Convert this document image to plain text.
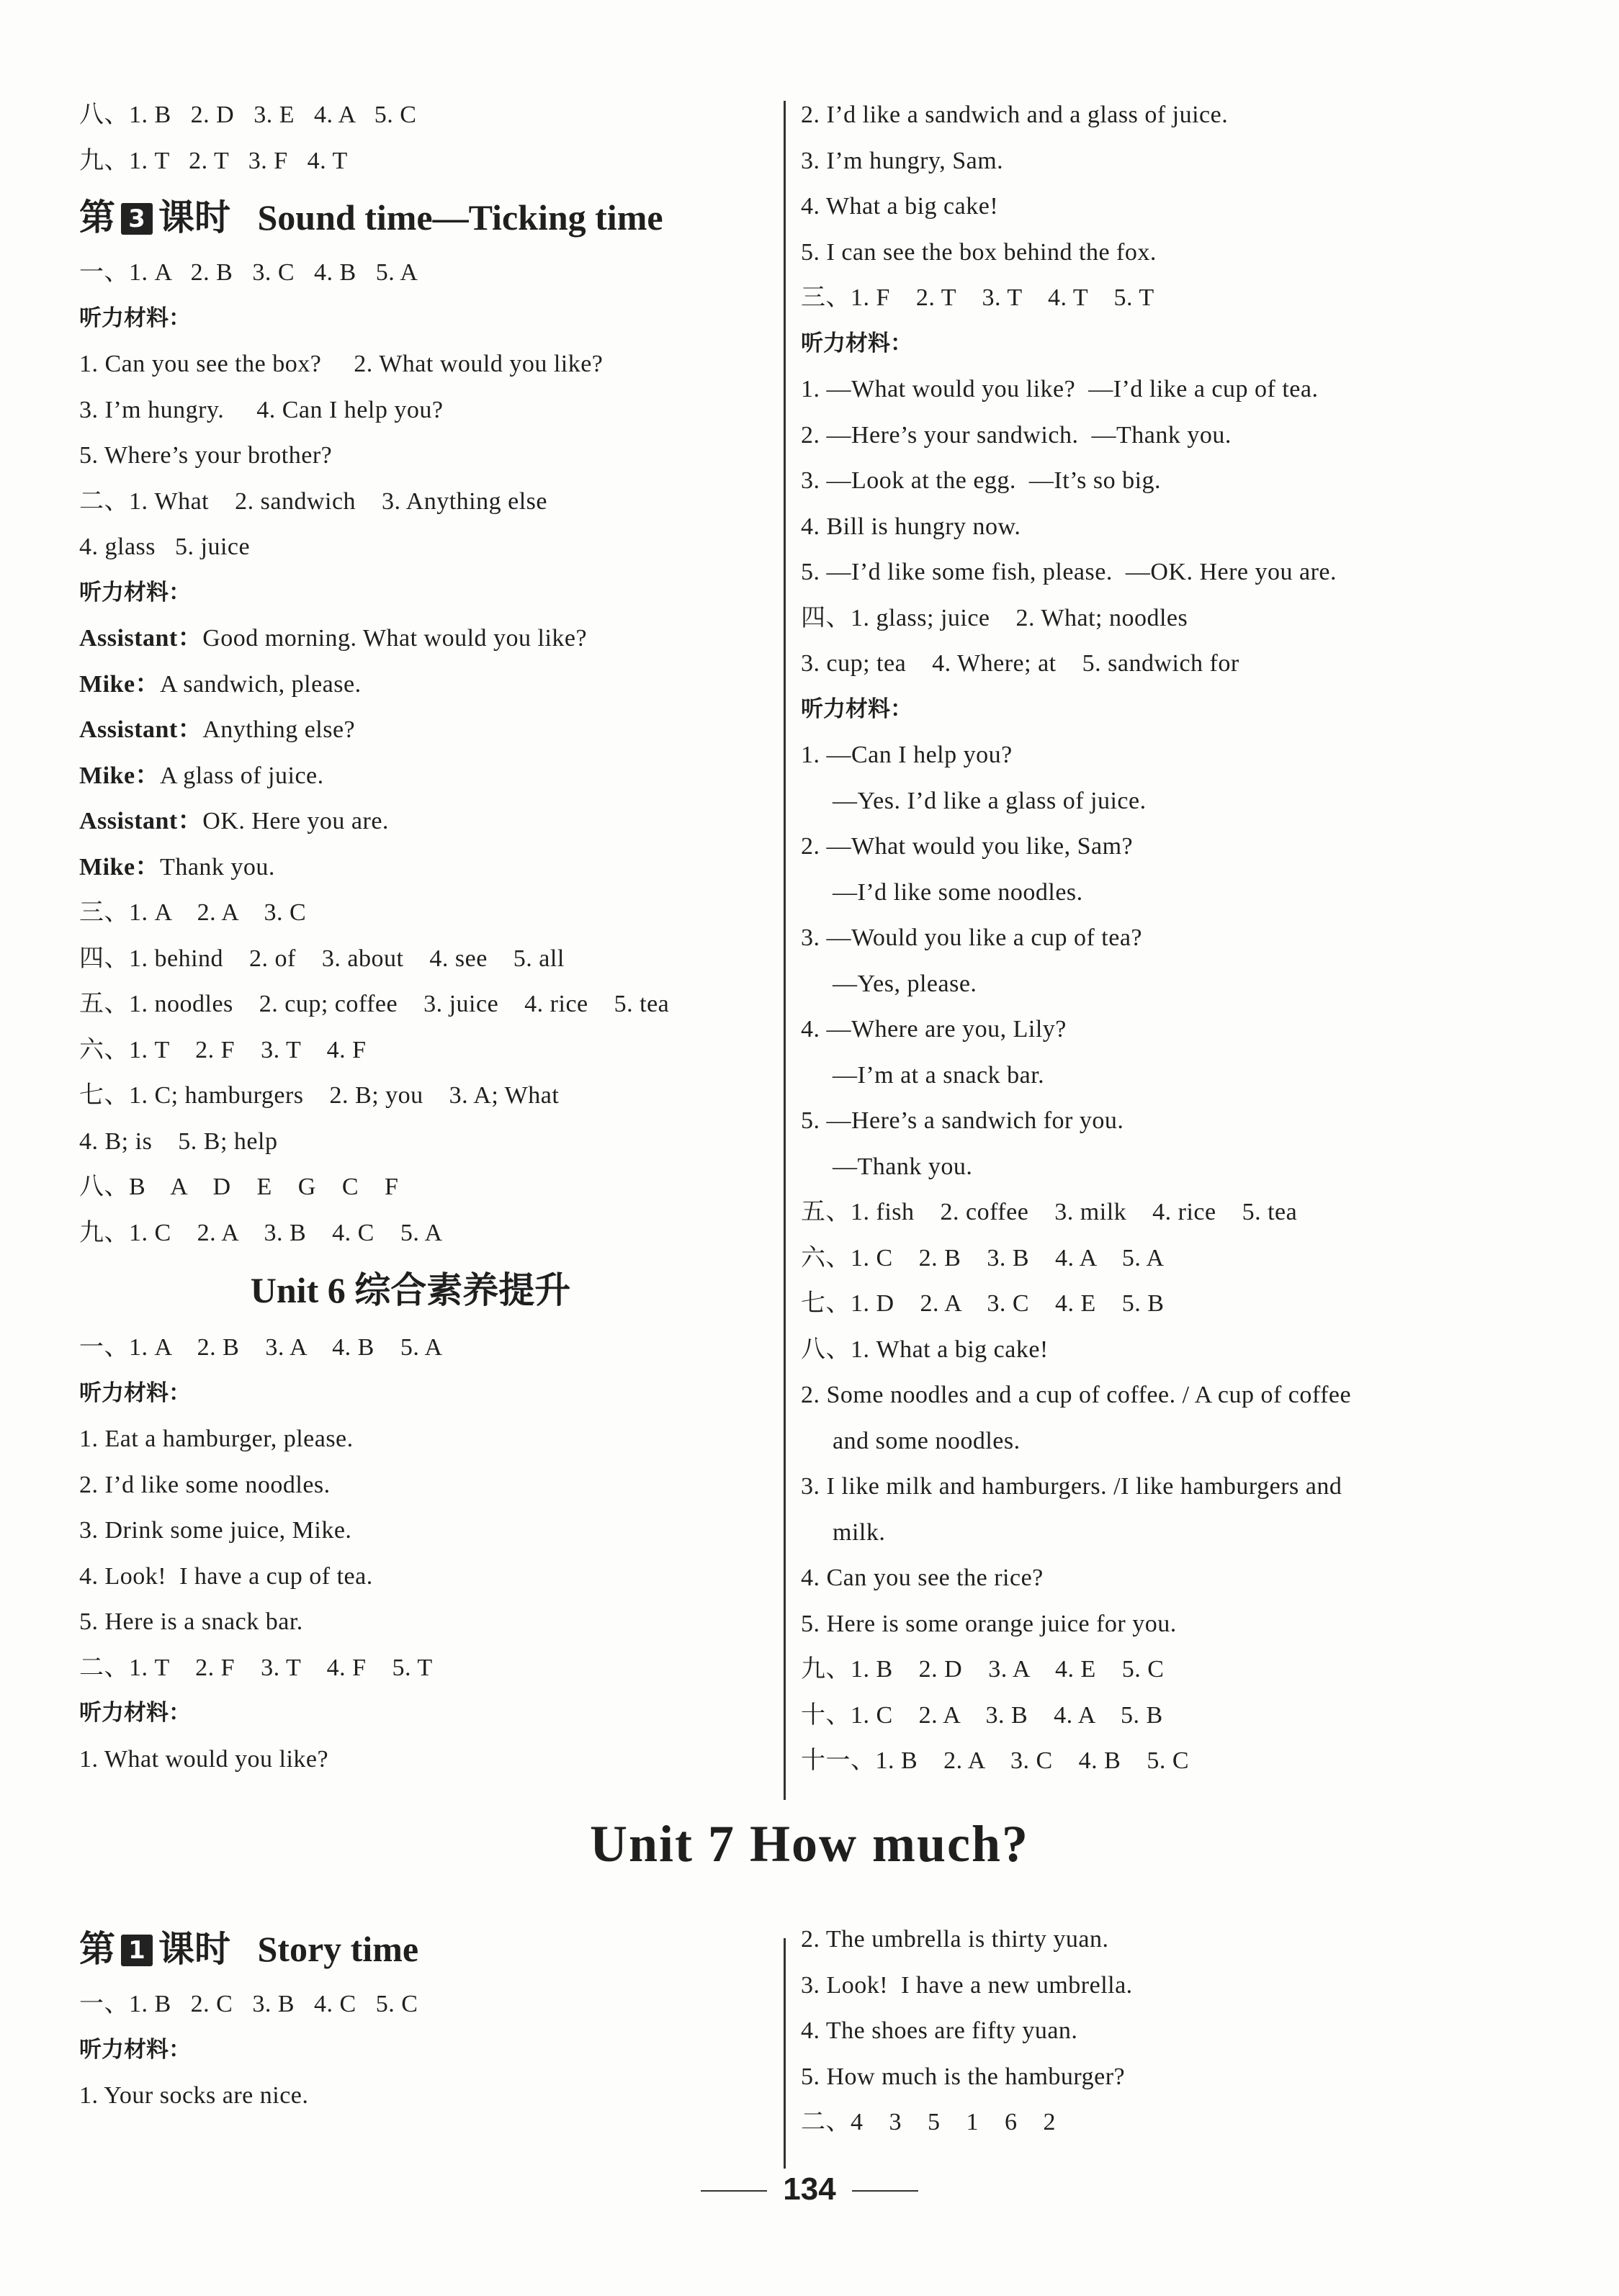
八、1. B   2. D   3. E   4. A   5. C
九、1. T   2. T   3. F   4. T
第 3 课时   Sound time—Ticking time
一、1. A   2. B   3. C   4. B   5. A
听力材料：
1. Can you see the box?     2. What would you like?
3. I’m hungry.     4. Can I help you?
5. Where’s your brother?
二、1. What    2. sandwich    3. Anything else
4. glass   5. juice
听力材料：
Assistant：Good morning. What would you like?
Mike：A sandwich, please.
Assistant：Anything else?
Mike：A glass of juice.
Assistant：OK. Here you are.
Mike：Thank you.
三、1. A    2. A    3. C
四、1. behind    2. of    3. about    4. see    5. all
五、1. noodles    2. cup; coffee    3. juice    4. rice    5. tea
六、1. T    2. F    3. T    4. F
七、1. C; hamburgers    2. B; you    3. A; What
4. B; is    5. B; help
八、B    A    D    E    G    C    F
九、1. C    2. A    3. B    4. C    5. A
Unit 6 综合素养提升
一、1. A    2. B    3. A    4. B    5. A
听力材料：
1. Eat a hamburger, please.
2. I’d like some noodles.
3. Drink some juice, Mike.
4. Look!  I have a cup of tea.
5. Here is a snack bar.
二、1. T    2. F    3. T    4. F    5. T
听力材料：
1. What would you like?
2. I’d like a sandwich and a glass of juice.
3. I’m hungry, Sam.
4. What a big cake!
5. I can see the box behind the fox.
三、1. F    2. T    3. T    4. T    5. T
听力材料：
1. —What would you like?  —I’d like a cup of tea.
2. —Here’s your sandwich.  —Thank you.
3. —Look at the egg.  —It’s so big.
4. Bill is hungry now.
5. —I’d like some fish, please.  —OK. Here you are.
四、1. glass; juice    2. What; noodles
3. cup; tea    4. Where; at    5. sandwich for
听力材料：
1. —Can I help you?
—Yes. I’d like a glass of juice.
2. —What would you like, Sam?
—I’d like some noodles.
3. —Would you like a cup of tea?
—Yes, please.
4. —Where are you, Lily?
—I’m at a snack bar.
5. —Here’s a sandwich for you.
—Thank you.
五、1. fish    2. coffee    3. milk    4. rice    5. tea
六、1. C    2. B    3. B    4. A    5. A
七、1. D    2. A    3. C    4. E    5. B
八、1. What a big cake!
2. Some noodles and a cup of coffee. / A cup of coffee
and some noodles.
3. I like milk and hamburgers. /I like hamburgers and
milk.
4. Can you see the rice?
5. Here is some orange juice for you.
九、1. B    2. D    3. A    4. E    5. C
十、1. C    2. A    3. B    4. A    5. B
十一、1. B    2. A    3. C    4. B    5. C
Unit 7 How much?
第 1 课时   Story time
一、1. B   2. C   3. B   4. C   5. C
听力材料：
1. Your socks are nice.
2. The umbrella is thirty yuan.
3. Look!  I have a new umbrella.
4. The shoes are fifty yuan.
5. How much is the hamburger?
二、4    3    5    1    6    2
134
